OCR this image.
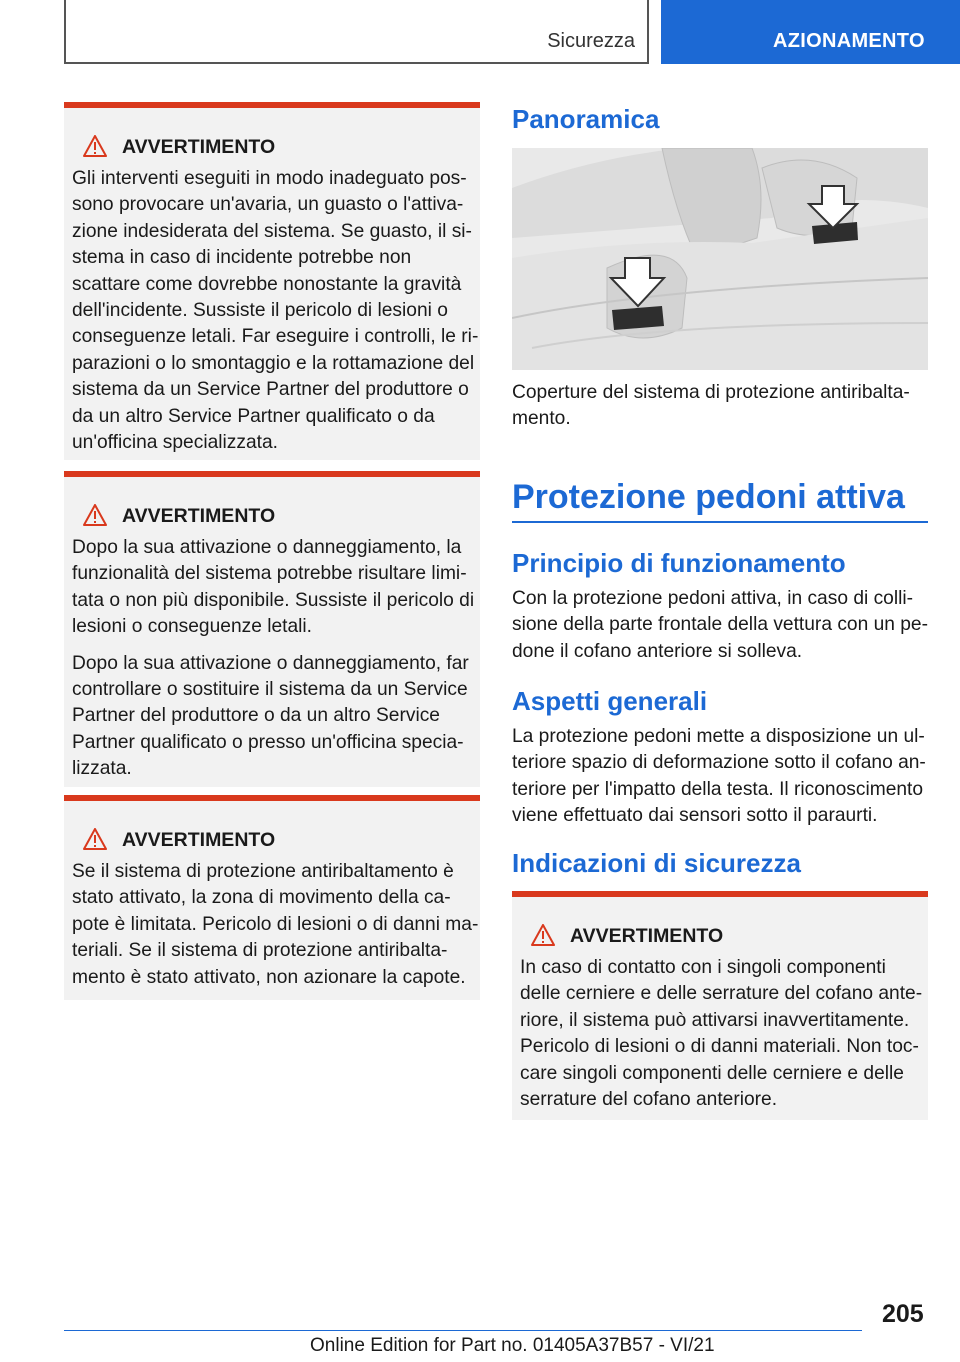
Sicurezza	AZIONAMENTO
AVVERTIMENTO

Gli interventi eseguiti in modo inadeguato pos-
sono provocare un'avaria, un guasto o l'attiva-
zione indesiderata del sistema. Se guasto, il si-
stema in caso di incidente potrebbe non
scattare come dovrebbe nonostante la gravità
dell'incidente. Sussiste il pericolo di lesioni o
conseguenze letali. Far eseguire i controlli, le ri-
parazioni o lo smontaggio e la rottamazione del
sistema da un Service Partner del produttore o
da un altro Service Partner qualificato o da
un'officina specializzata.

AVVERTIMENTO

Dopo la sua attivazione o danneggiamento, la
funzionalità del sistema potrebbe risultare limi-
tata o non più disponibile. Sussiste il pericolo di
lesioni o conseguenze letali.

Dopo la sua attivazione o danneggiamento, far
controllare o sostituire il sistema da un Service
Partner del produttore o da un altro Service
Partner qualificato o presso un'officina specia-
lizzata.

AVVERTIMENTO

Se il sistema di protezione antiribaltamento è
stato attivato, la zona di movimento della ca-
pote è limitata. Pericolo di lesioni o di danni ma-
teriali. Se il sistema di protezione antiribalta-
mento è stato attivato, non azionare la capote.

Panoramica
Coperture del sistema di protezione antiribalta-
mento.
Protezione pedoni attiva
Principio di funzionamento
Con la protezione pedoni attiva, in caso di colli-
sione della parte frontale della vettura con un pe-
done il cofano anteriore si solleva.
Aspetti generali
La protezione pedoni mette a disposizione un ul-
teriore spazio di deformazione sotto il cofano an-
teriore per l'impatto della testa. Il riconoscimento
viene effettuato dai sensori sotto il paraurti.
Indicazioni di sicurezza
AVVERTIMENTO

In caso di contatto con i singoli componenti
delle cerniere e delle serrature del cofano ante-
riore, il sistema può attivarsi inavvertitamente.
Pericolo di lesioni o di danni materiali. Non toc-
care singoli componenti delle cerniere e delle
serrature del cofano anteriore.

205
Online Edition for Part no. 01405A37B57 - VI/21
